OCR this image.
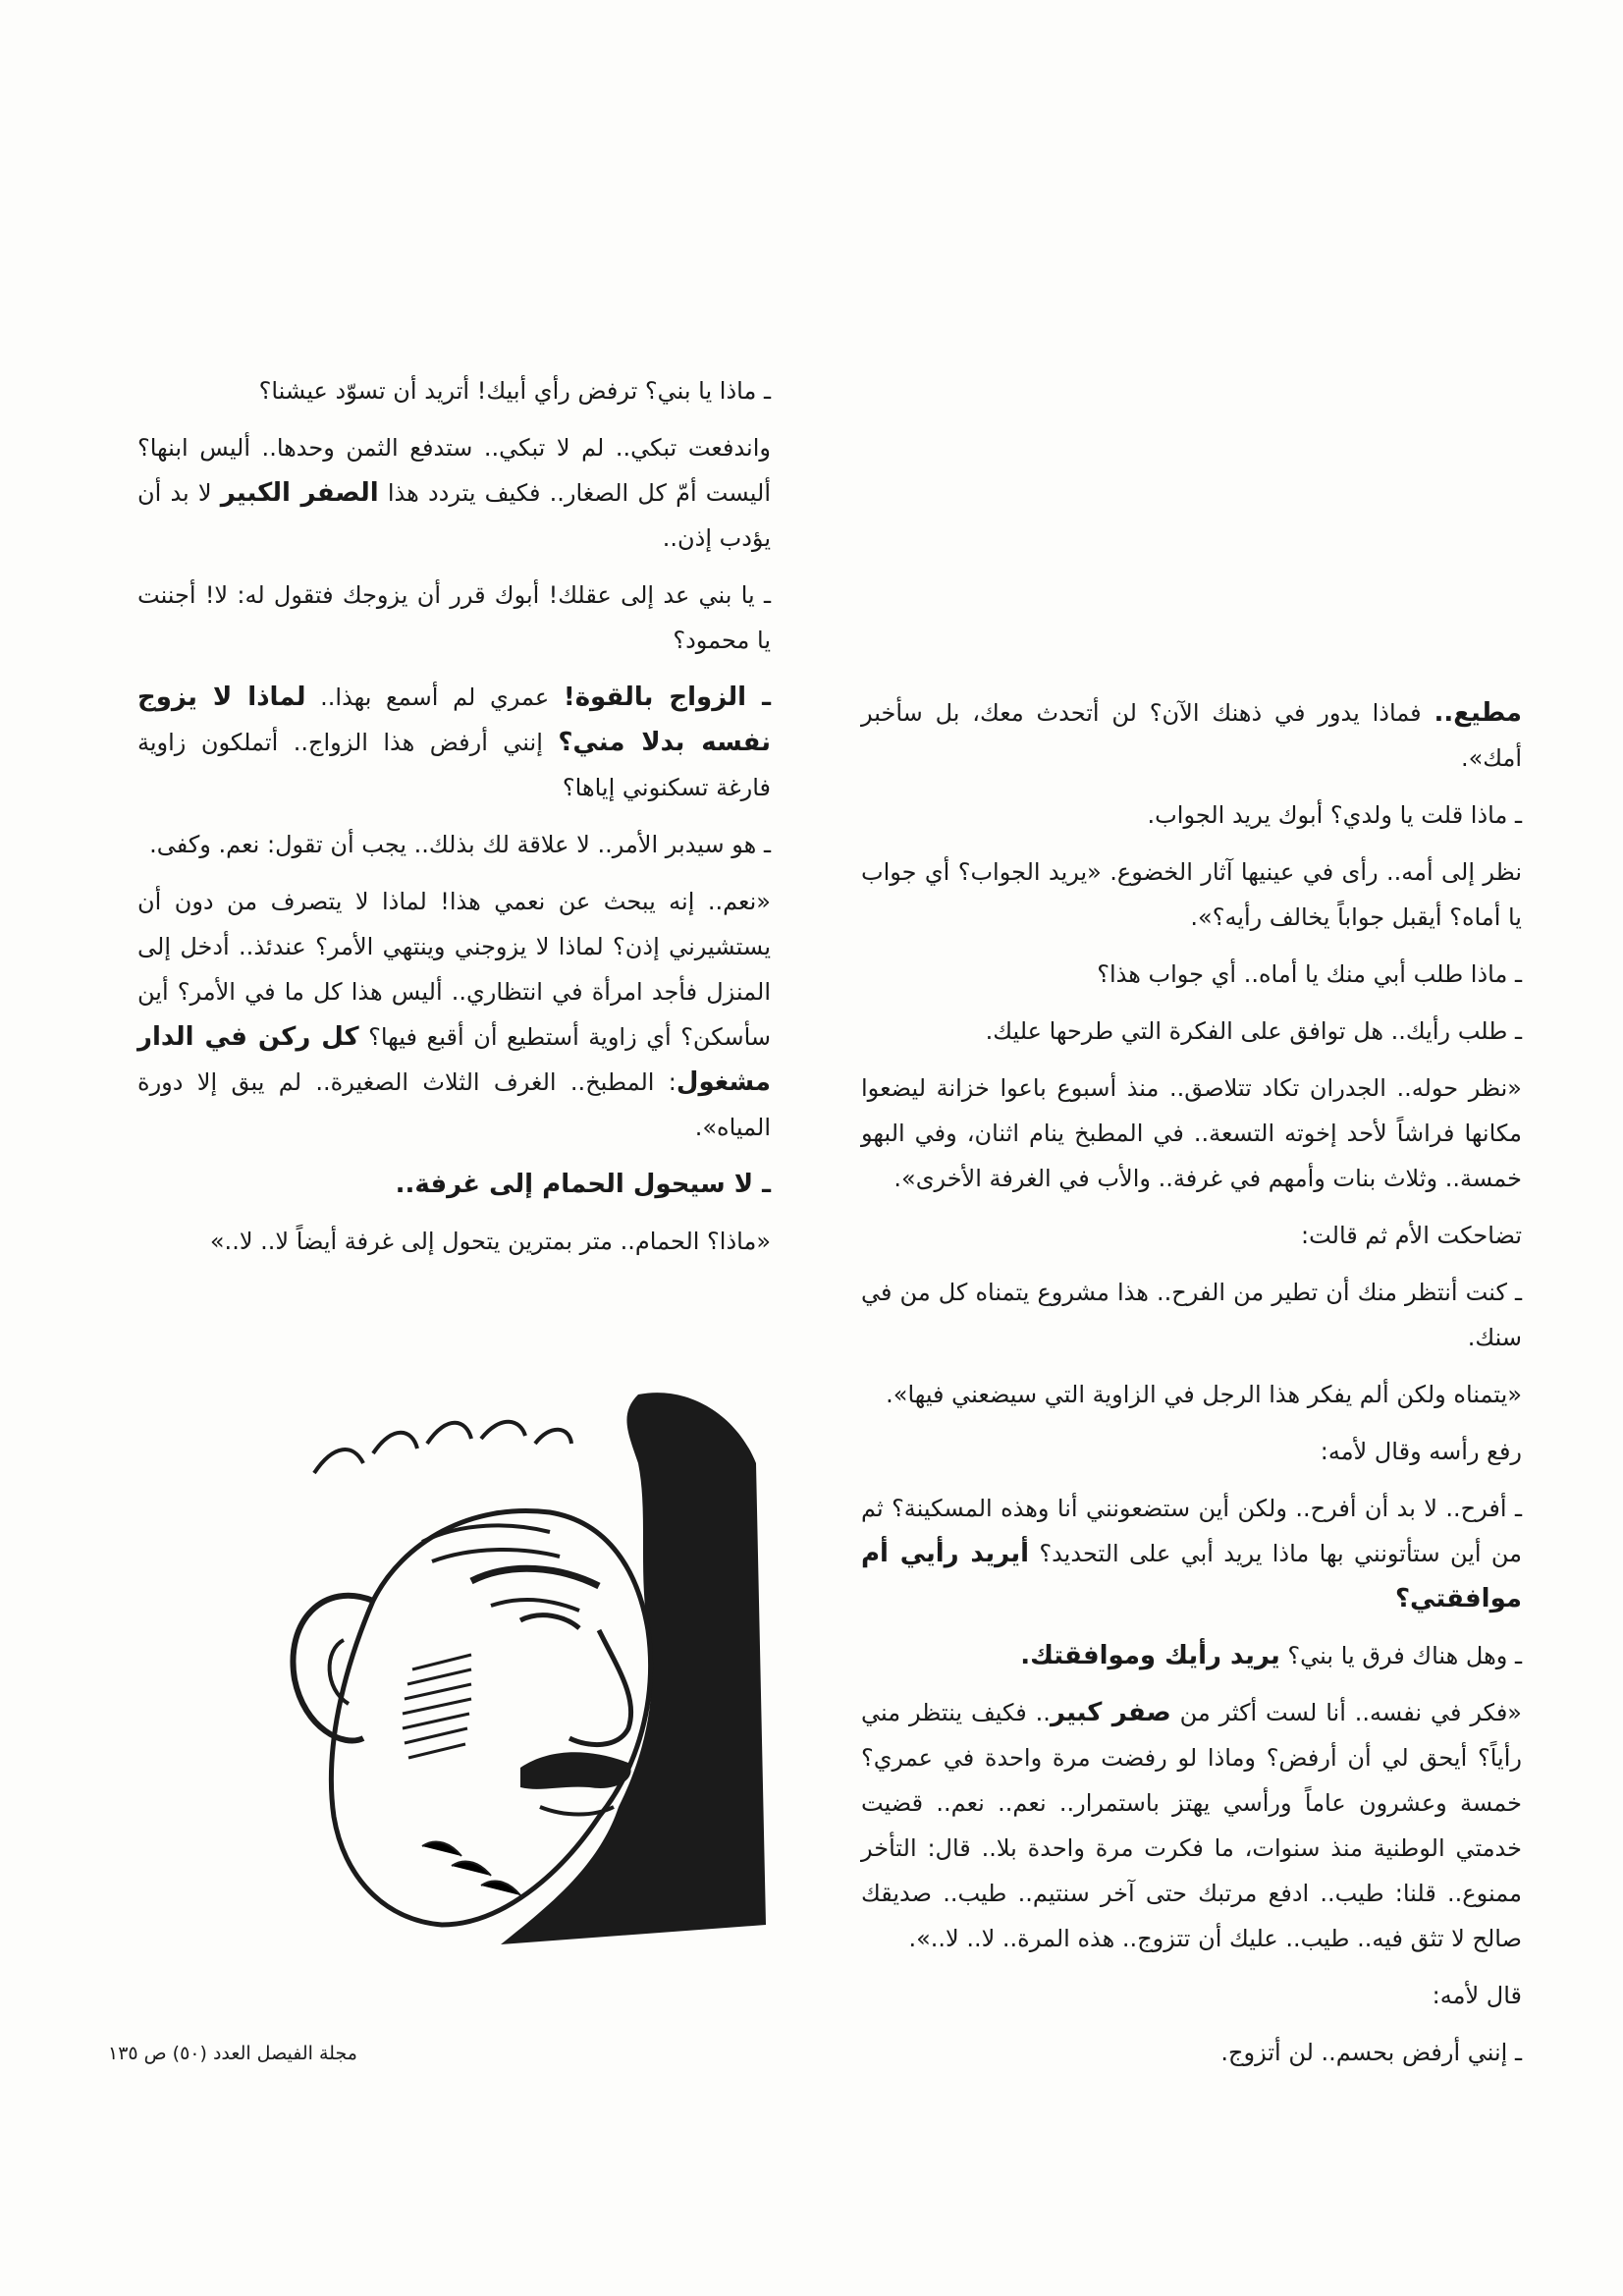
ـ ماذا يا بني؟ ترفض رأي أبيك! أتريد أن تسوّد عيشنا؟

واندفعت تبكي.. لم لا تبكي.. ستدفع الثمن وحدها.. أليس ابنها؟ أليست أمّ كل الصغار.. فكيف يتردد هذا الصفر الكبير لا بد أن يؤدب إذن..

ـ يا بني عد إلى عقلك! أبوك قرر أن يزوجك فتقول له: لا! أجننت يا محمود؟

ـ الزواج بالقوة! عمري لم أسمع بهذا.. لماذا لا يزوج نفسه بدلا مني؟ إنني أرفض هذا الزواج.. أتملكون زاوية فارغة تسكنوني إياها؟

ـ هو سيدبر الأمر.. لا علاقة لك بذلك.. يجب أن تقول: نعم. وكفى.

«نعم.. إنه يبحث عن نعمي هذا! لماذا لا يتصرف من دون أن يستشيرني إذن؟ لماذا لا يزوجني وينتهي الأمر؟ عندئذ.. أدخل إلى المنزل فأجد امرأة في انتظاري.. أليس هذا كل ما في الأمر؟ أين سأسكن؟ أي زاوية أستطيع أن أقبع فيها؟ كل ركن في الدار مشغول: المطبخ.. الغرف الثلاث الصغيرة.. لم يبق إلا دورة المياه».

ـ لا سيحول الحمام إلى غرفة..

«ماذا؟ الحمام.. متر بمترين يتحول إلى غرفة أيضاً لا.. لا..»

مطيع.. فماذا يدور في ذهنك الآن؟ لن أتحدث معك، بل سأخبر أمك».

ـ ماذا قلت يا ولدي؟ أبوك يريد الجواب.

نظر إلى أمه.. رأى في عينيها آثار الخضوع. «يريد الجواب؟ أي جواب يا أماه؟ أيقبل جواباً يخالف رأيه؟».

ـ ماذا طلب أبي منك يا أماه.. أي جواب هذا؟

ـ طلب رأيك.. هل توافق على الفكرة التي طرحها عليك.

«نظر حوله.. الجدران تكاد تتلاصق.. منذ أسبوع باعوا خزانة ليضعوا مكانها فراشاً لأحد إخوته التسعة.. في المطبخ ينام اثنان، وفي البهو خمسة.. وثلاث بنات وأمهم في غرفة.. والأب في الغرفة الأخرى».

تضاحكت الأم ثم قالت:

ـ كنت أنتظر منك أن تطير من الفرح.. هذا مشروع يتمناه كل من في سنك.

«يتمناه ولكن ألم يفكر هذا الرجل في الزاوية التي سيضعني فيها».

رفع رأسه وقال لأمه:

ـ أفرح.. لا بد أن أفرح.. ولكن أين ستضعونني أنا وهذه المسكينة؟ ثم من أين ستأتونني بها ماذا يريد أبي على التحديد؟ أيريد رأيي أم موافقتي؟

ـ وهل هناك فرق يا بني؟ يريد رأيك وموافقتك.

«فكر في نفسه.. أنا لست أكثر من صفر كبير.. فكيف ينتظر مني رأياً؟ أيحق لي أن أرفض؟ وماذا لو رفضت مرة واحدة في عمري؟ خمسة وعشرون عاماً ورأسي يهتز باستمرار.. نعم.. نعم.. قضيت خدمتي الوطنية منذ سنوات، ما فكرت مرة واحدة بلا.. قال: التأخر ممنوع.. قلنا: طيب.. ادفع مرتبك حتى آخر سنتيم.. طيب.. صديقك صالح لا تثق فيه.. طيب.. عليك أن تتزوج.. هذه المرة.. لا.. لا..».

قال لأمه:

ـ إنني أرفض بحسم.. لن أتزوج.

مجلة الفيصل العدد (٥٠) ص ١٣٥
